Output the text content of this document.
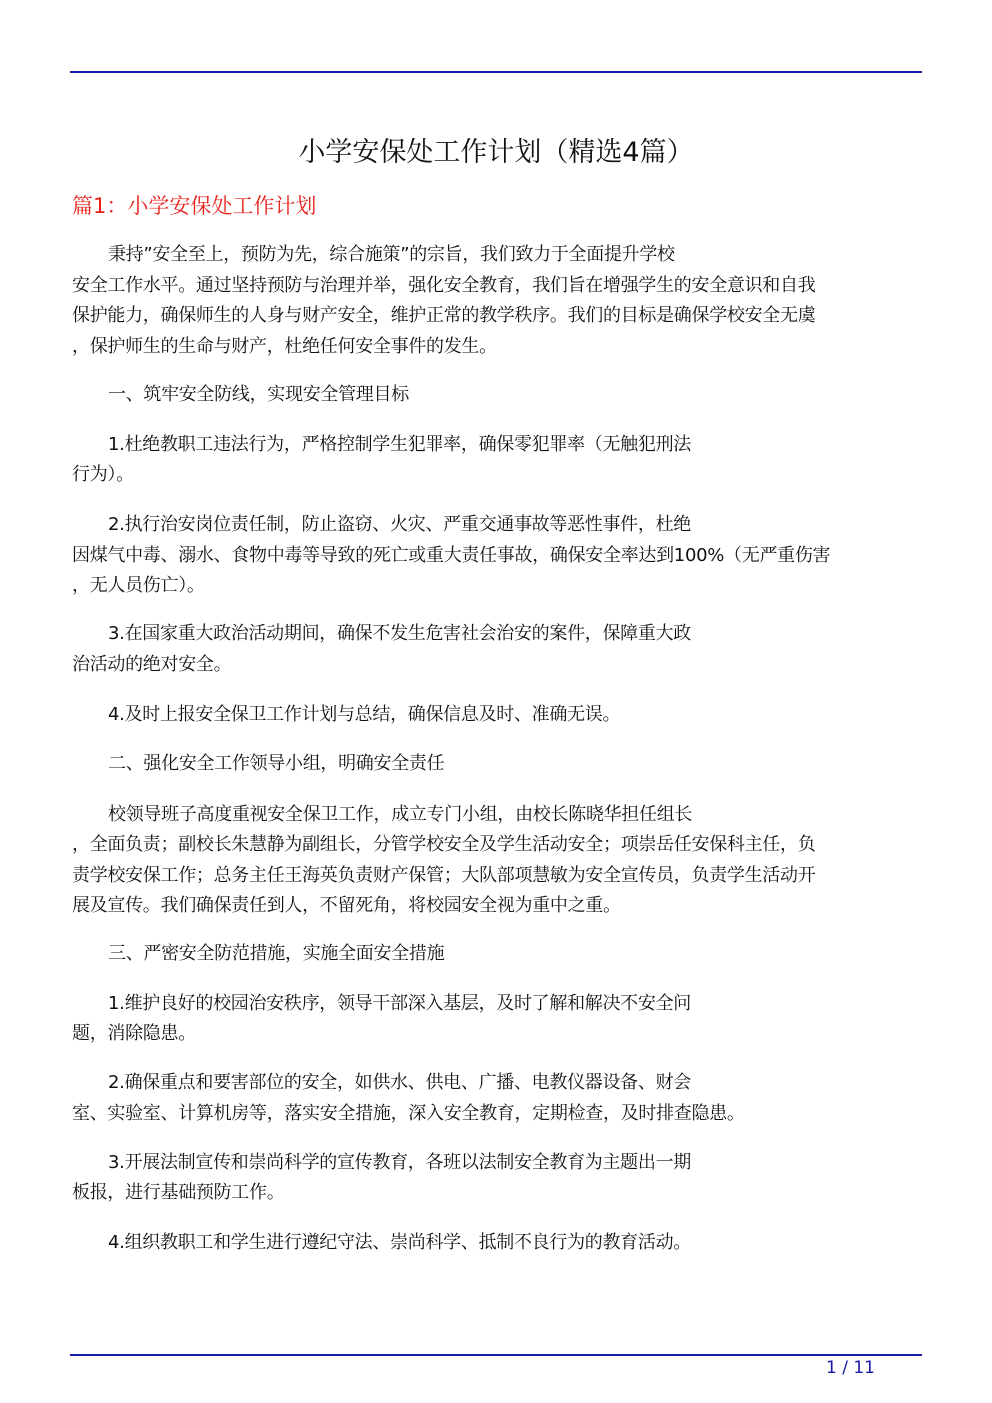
小学安保处工作计划（精选4篇）
篇1：小学安保处工作计划
秉持”安全至上，预防为先，综合施策”的宗旨，我们致力于全面提升学校
安全工作水平。通过坚持预防与治理并举，强化安全教育，我们旨在增强学生的安全意识和自我
保护能力，确保师生的人身与财产安全，维护正常的教学秩序。我们的目标是确保学校安全无虞
，保护师生的生命与财产，杜绝任何安全事件的发生。
一、筑牢安全防线，实现安全管理目标
1.杜绝教职工违法行为，严格控制学生犯罪率，确保零犯罪率（无触犯刑法
行为）。
2.执行治安岗位责任制，防止盗窃、火灾、严重交通事故等恶性事件，杜绝
因煤气中毒、溺水、食物中毒等导致的死亡或重大责任事故，确保安全率达到100%（无严重伤害
，无人员伤亡）。
3.在国家重大政治活动期间，确保不发生危害社会治安的案件，保障重大政
治活动的绝对安全。
4.及时上报安全保卫工作计划与总结，确保信息及时、准确无误。
二、强化安全工作领导小组，明确安全责任
校领导班子高度重视安全保卫工作，成立专门小组，由校长陈晓华担任组长
，全面负责；副校长朱慧静为副组长，分管学校安全及学生活动安全；项崇岳任安保科主任，负
责学校安保工作；总务主任王海英负责财产保管；大队部项慧敏为安全宣传员，负责学生活动开
展及宣传。我们确保责任到人，不留死角，将校园安全视为重中之重。
三、严密安全防范措施，实施全面安全措施
1.维护良好的校园治安秩序，领导干部深入基层，及时了解和解决不安全问
题，消除隐患。
2.确保重点和要害部位的安全，如供水、供电、广播、电教仪器设备、财会
室、实验室、计算机房等，落实安全措施，深入安全教育，定期检查，及时排查隐患。
3.开展法制宣传和崇尚科学的宣传教育，各班以法制安全教育为主题出一期
板报，进行基础预防工作。
4.组织教职工和学生进行遵纪守法、崇尚科学、抵制不良行为的教育活动。
1 / 11
